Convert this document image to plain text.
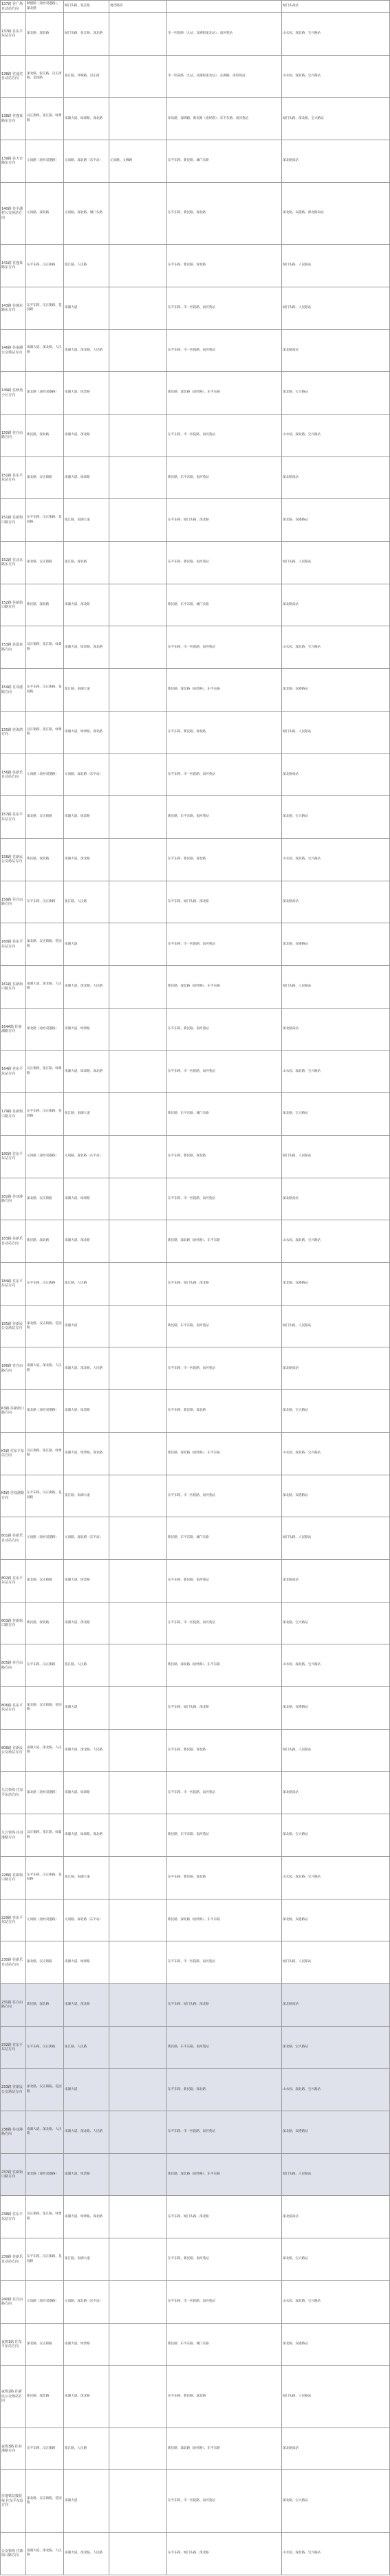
137路 往广场自动站方向	顺德路（途经双港路）、深北路	城门头路、张江路	观音路段		城门头南站
137路 往东平东站方向	深北路、深北路	城门头路、张江路、深北路		市一医院路（九站、双港街道北站）、南河苑站	山水园、深北路、宝兴路站
138路 往通达自动站方向	深北路、张江路、汉正街路、花园路	张江路、环城路、汉正街		市一医院路（九站、双港街道北站）、东湖路、南河苑站	山水园、深北路、宝兴路站
138路 往蓬莱路东方向	汉正街路、张江路、绿景路	南湖大道、绿景路、深北路		环岛路、深圳路、新民路（途经路）、东平东路、南河苑站	城门头路、深北路、宝兴路站
139路 往天台路东方向	元岗路（途经双港路）	元岗路、深北路（东平站）	元岗路、文峰路	东平东路、新民路、城门头路	深北路南站
140路 往平湖村公交场站方向	元岗路、深北路	元岗路、深北路、城门头路		东平东路、新民路、深北路	深北路、双港路、深北路南站
141路 往蓬莱路东方向	东平东路、汉正街路	张江路、人民路		东平东路、新民路、深北路	城门头路、人民路站
143路 往城东路东方向	东平东路、汉正街路、花园路	南湖大道		东平东路、市一医院路、南河苑站	城门头路、人民路站
146路 往南湖公交场站方向	南湖大道、深北路、人民路	南湖大道、深北路、人民路		东平东路、市一医院路、南河苑站	深北路南站
149路 往秋苑小区方向	深北路（途经双港路）	南湖大道、绿景路		新民路、深北路（途经路）、东平东路	深北路、宝兴路站
150路 往自由路方向	新民路、深北路	南湖大道、深北路		东平东路、市一医院路、南河苑站	山水园、深北路、宝兴路站
151路 往东平东站方向	深北路、汉正街路	南湖大道、绿景路		新民路、东平东路、南河苑站	深北路南站
151路 往新街口路方向	东平东路、汉正街路、花园路	张江路、南湖大道		东平东路、城门头路、深北路	深北路、双港路站
152路 往北京路东方向	深北路、汉正街路	张江路、深北路		东平东路、新民路、南河苑站	城门头路、人民路站
152路 往新街口路方向	新民路、深北路	南湖大道、深北路		新民路、东平东路、城门头路	深北路南站
153路 往温泉路方向	汉正街路、张江路、绿景路	南湖大道、绿景路、深北路		东平东路、市一医院路、南河苑站	山水园、深北路、宝兴路站
154路 往双港路方向	东平东路、汉正街路、花园路	张江路、南湖大道		新民路、深北路（途经路）、东平东路	深北路、双港路站
155路 往海湾方向	汉正街路、张江路、绿景路	南湖大道、绿景路、深北路		东平东路、新民路、深北路	城门头路、人民路站
156路 往新乐自动站方向	元岗路（途经双港路）	元岗路、深北路（东平站）		东平东路、市一医院路、南河苑站	深北路南站
157路 往东平东站方向	深北路、汉正街路	南湖大道、绿景路		新民路、东平东路、南河苑站	深北路、宝兴路站
158路 往新民公交场站方向	新民路、深北路	南湖大道、深北路		东平东路、新民路、深北路	山水园、深北路、宝兴路站
159路 往自由路方向	东平东路、汉正街路	张江路、人民路		东平东路、城门头路、深北路	深北路南站
160路 往东平东站方向	深北路、汉正街路、花园路	南湖大道		东平东路、市一医院路、南河苑站	深北路、双港路站
161路 往新街口路方向	南湖大道、深北路、人民路	南湖大道、深北路、人民路		新民路、深北路（途经路）、东平东路	城门头路、人民路站
164A路 往南湖路方向	深北路（途经双港路）	南湖大道、绿景路		东平东路、新民路、南河苑站	深北路南站
164路 往东平东站方向	汉正街路、张江路、绿景路	南湖大道、绿景路、深北路		东平东路、市一医院路、南河苑站	山水园、深北路、宝兴路站
179路 往新街口路方向	东平东路、汉正街路、花园路	张江路、南湖大道		新民路、东平东路、城门头路	深北路、宝兴路站
180路 往东平东站方向	元岗路（途经双港路）	元岗路、深北路（东平站）		东平东路、新民路、深北路	城门头路、人民路站
182路 往双港路方向	深北路、汉正街路	南湖大道、绿景路		东平东路、市一医院路、南河苑站	深北路南站
183路 往新乐自动站方向	新民路、深北路	南湖大道、深北路		新民路、深北路（途经路）、东平东路	山水园、深北路、宝兴路站
184路 往东平东站方向	东平东路、汉正街路	张江路、人民路		东平东路、城门头路、深北路	深北路、双港路站
185路 往新民公交场站方向	深北路、汉正街路、花园路	南湖大道		新民路、东平东路、南河苑站	城门头路、人民路站
186路 往自由路方向	南湖大道、深北路、人民路	南湖大道、深北路、人民路		东平东路、市一医院路、南河苑站	深北路南站
K3路 往新街口路方向	深北路（途经双港路）	南湖大道、绿景路		东平东路、新民路、深北路	深北路、宝兴路站
K5路 往东平东站方向	汉正街路、张江路、绿景路	南湖大道、绿景路、深北路		新民路、深北路（途经路）、东平东路	山水园、深北路、宝兴路站
K6路 往双港路方向	东平东路、汉正街路、花园路	张江路、南湖大道		东平东路、市一医院路、南河苑站	深北路、双港路站
801路 往新乐自动站方向	元岗路（途经双港路）	元岗路、深北路（东平站）		新民路、东平东路、城门头路	城门头路、人民路站
802路 往东平东站方向	深北路、汉正街路	南湖大道、绿景路		东平东路、新民路、南河苑站	深北路南站
803路 往新街口路方向	新民路、深北路	南湖大道、深北路		东平东路、市一医院路、南河苑站	深北路、宝兴路站
805路 往自由路方向	东平东路、汉正街路	张江路、人民路		新民路、深北路（途经路）、东平东路	山水园、深北路、宝兴路站
806路 往东平东站方向	深北路、汉正街路、花园路	南湖大道		东平东路、城门头路、深北路	深北路、双港路站
808路 往新民公交场站方向	南湖大道、深北路、人民路	南湖大道、深北路、人民路		东平东路、新民路、深北路	城门头路、人民路站
九江快线 往东平东站方向	深北路（途经双港路）	南湖大道、绿景路		东平东路、市一医院路、南河苑站	深北路南站
九江快线 往双港路方向	汉正街路、张江路、绿景路	南湖大道、绿景路、深北路		新民路、东平东路、南河苑站	深北路、宝兴路站
228路 往新街口路方向	东平东路、汉正街路、花园路	张江路、南湖大道		东平东路、新民路、深北路	山水园、深北路、宝兴路站
229路 往东平东站方向	元岗路（途经双港路）	元岗路、深北路（东平站）		新民路、深北路（途经路）、东平东路	深北路、双港路站
230路 往新乐自动站方向	深北路、汉正街路	南湖大道、绿景路		东平东路、市一医院路、南河苑站	城门头路、人民路站
231路 往自由路方向	新民路、深北路	南湖大道、深北路		东平东路、城门头路、深北路	深北路南站
232路 往东平东站方向	东平东路、汉正街路	张江路、人民路		新民路、东平东路、南河苑站	深北路、宝兴路站
233路 往新民公交场站方向	深北路、汉正街路、花园路	南湖大道		东平东路、新民路、深北路	山水园、深北路、宝兴路站
236路 往双港路方向	南湖大道、深北路、人民路	南湖大道、深北路、人民路		东平东路、市一医院路、南河苑站	深北路、双港路站
237路 往新街口路方向	深北路（途经双港路）	南湖大道、绿景路		新民路、深北路（途经路）、东平东路	城门头路、人民路站
238路 往东平东站方向	汉正街路、张江路、绿景路	南湖大道、绿景路、深北路		东平东路、城门头路、深北路	深北路南站
239路 往新乐自动站方向	东平东路、汉正街路、花园路	张江路、南湖大道		东平东路、新民路、南河苑站	深北路、宝兴路站
240路 往自由路方向	元岗路（途经双港路）	元岗路、深北路（东平站）		东平东路、市一医院路、南河苑站	山水园、深北路、宝兴路站
夜班1路 往东平东站方向	深北路、汉正街路	南湖大道、绿景路		新民路、东平东路、城门头路	深北路、双港路站
夜班2路 往新民公交场站方向	新民路、深北路	南湖大道、深北路		东平东路、新民路、深北路	城门头路、人民路站
夜班3路 往双港路方向	东平东路、汉正街路	张江路、人民路		新民路、深北路（途经路）、东平东路	深北路南站
往地铁站接驳线 往东平东站方向	深北路、汉正街路、花园路	南湖大道		东平东路、市一医院路、南河苑站	深北路、宝兴路站
公交快线 往新街口路方向	南湖大道、深北路、人民路	南湖大道、深北路、人民路		东平东路、城门头路、深北路	山水园、深北路、宝兴路站
